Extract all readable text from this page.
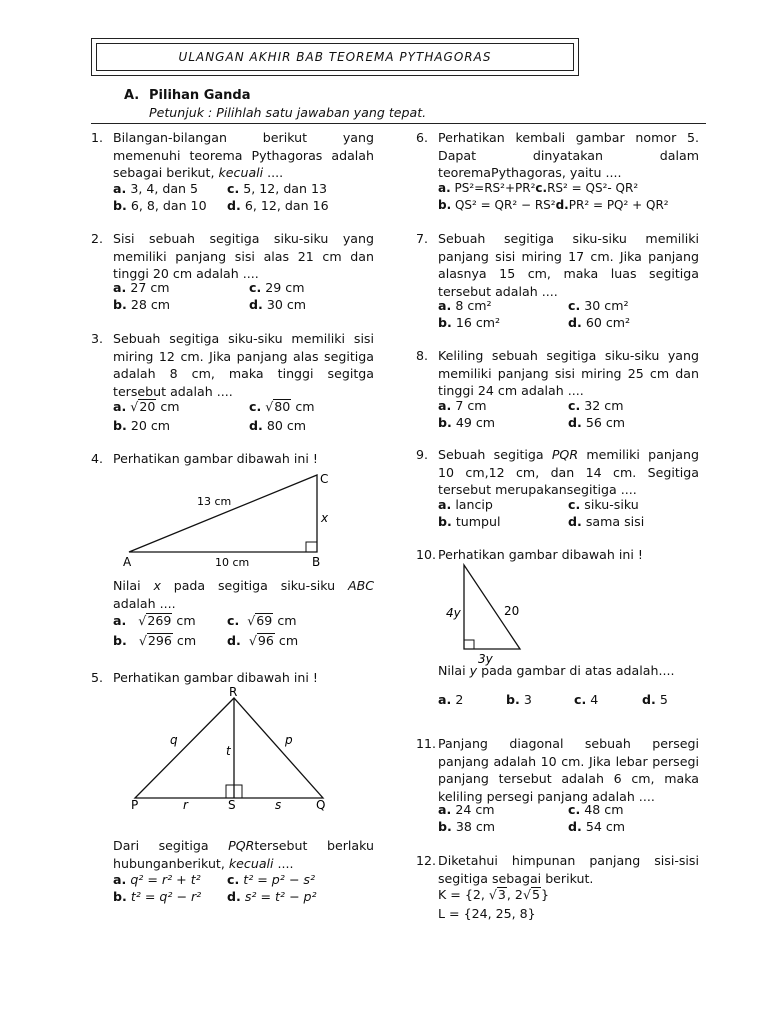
ULANGAN AKHIR BAB TEOREMA PYTHAGORAS
A. Pilihan Ganda
Petunjuk : Pilihlah satu jawaban yang tepat.
1. Bilangan-bilangan berikut yang memenuhi teorema Pythagoras adalah sebagai berikut, kecuali ....
a. 3, 4, dan 5 c. 5, 12, dan 13
b. 6, 8, dan 10 d. 6, 12, dan 16
2. Sisi sebuah segitiga siku-siku yang memiliki panjang sisi alas 21 cm dan tinggi 20 cm adalah ....
a. 27 cm	c. 29 cm
b. 28 cm	d. 30 cm
3. Sebuah segitiga siku-siku memiliki sisi miring 12 cm. Jika panjang alas segitiga adalah 8 cm, maka tinggi segitga tersebut adalah ....
a. √20 cm	c. √80 cm
b. 20 cm	d. 80 cm
4. Perhatikan gambar dibawah ini !
13 cm
10 cm
x
A	B
C
Nilai x pada segitiga siku-siku ABC adalah ....
a.   √269 cm c.  √69 cm
b.   √296 cm d.  √96 cm
5. Perhatikan gambar dibawah ini !
R
P	S	Q
q	p
t
r	s
Dari segitiga PQRtersebut berlaku hubunganberikut, kecuali ....
a. q² = r² + t² c. t² = p² − s²
b. t² = q² − r² d. s² = t² − p²
6. Perhatikan kembali gambar nomor 5. Dapat dinyatakan dalam teoremaPythagoras, yaitu ....
a. PS²=RS²+PR²c.RS² = QS²- QR²
b. QS² = QR² − RS²d.PR² = PQ² + QR²
7. Sebuah segitiga siku-siku memiliki panjang sisi miring 17 cm. Jika panjang alasnya 15 cm, maka luas segitiga tersebut adalah ....
a. 8 cm²	c. 30 cm²
b. 16 cm²	d. 60 cm²
8. Keliling sebuah segitiga siku-siku yang memiliki panjang sisi miring 25 cm dan tinggi 24 cm adalah ....
a. 7 cm	c. 32 cm
b. 49 cm	d. 56 cm
9. Sebuah segitiga PQR memiliki panjang 10 cm,12 cm, dan 14 cm. Segitiga tersebut merupakansegitiga ....
a. lancip	c. siku-siku
b. tumpul	d. sama sisi
10. Perhatikan gambar dibawah ini !
4y	20
3y
Nilai y pada gambar di atas adalah....
a. 2	b. 3	c. 4	d. 5
11. Panjang diagonal sebuah persegi panjang adalah 10 cm. Jika lebar persegi panjang tersebut adalah 6 cm, maka keliling persegi panjang adalah ....
a. 24 cm	c. 48 cm
b. 38 cm	d. 54 cm
12. Diketahui himpunan panjang sisi-sisi segitiga sebagai berikut.
K = {2, √3, 2√5}
L = {24, 25, 8}
